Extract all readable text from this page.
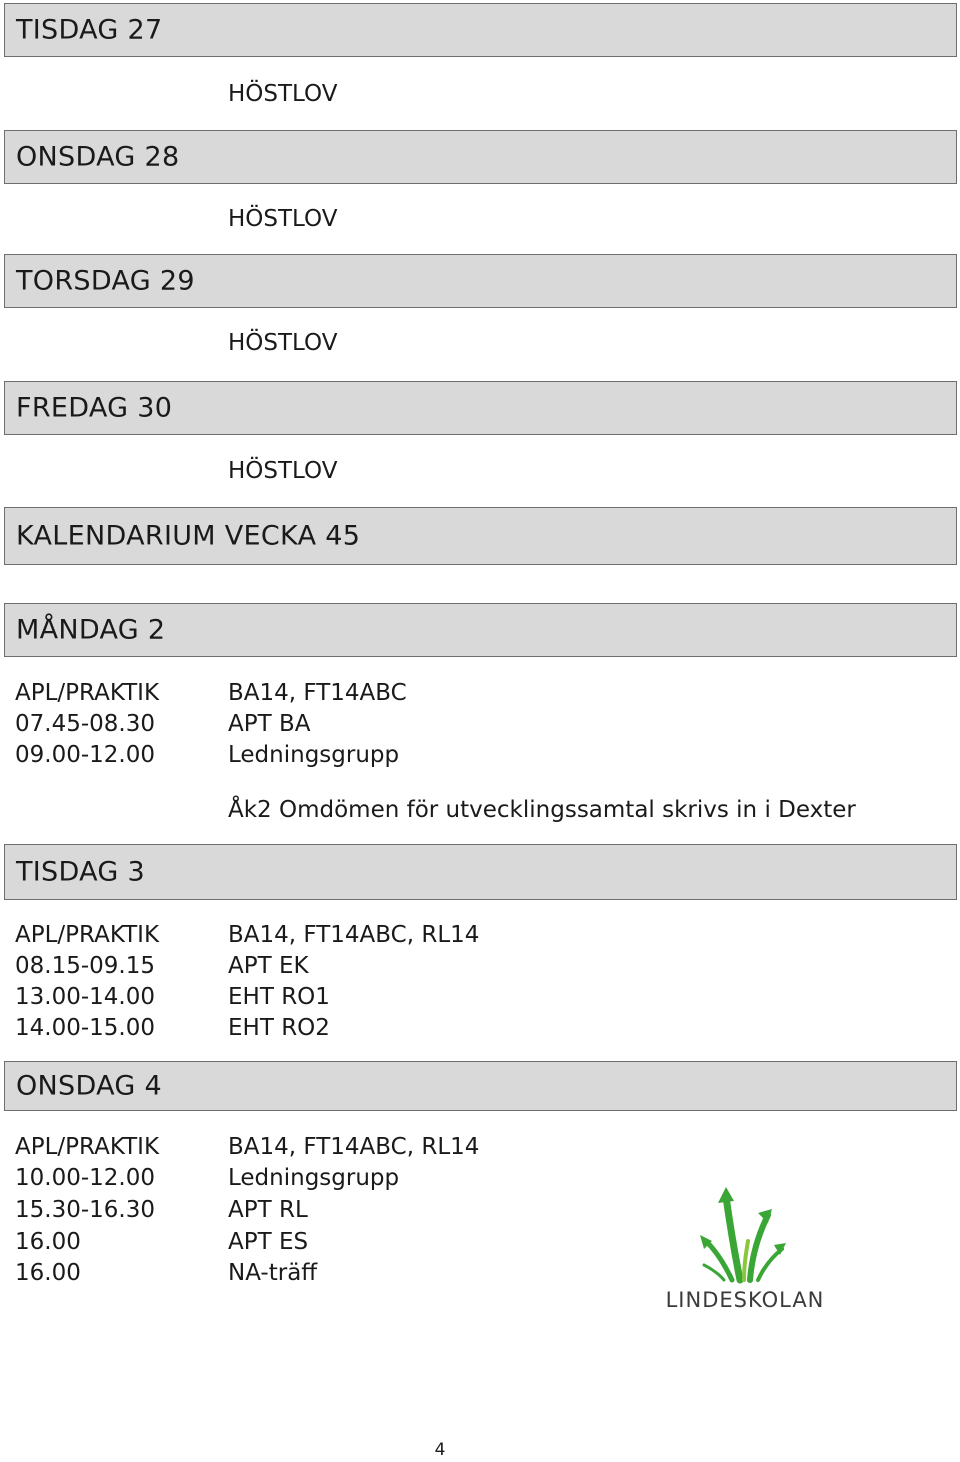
TISDAG 27
HÖSTLOV
ONSDAG 28
HÖSTLOV
TORSDAG 29
HÖSTLOV
FREDAG 30
HÖSTLOV
KALENDARIUM VECKA 45
MÅNDAG 2
APL/PRAKTIK	BA14, FT14ABC
07.45-08.30	APT BA
09.00-12.00	Ledningsgrupp
Åk2 Omdömen för utvecklingssamtal skrivs in i Dexter
TISDAG 3
APL/PRAKTIK	BA14, FT14ABC, RL14
08.15-09.15	APT EK
13.00-14.00	EHT RO1
14.00-15.00	EHT RO2
ONSDAG 4
APL/PRAKTIK	BA14, FT14ABC, RL14
10.00-12.00	Ledningsgrupp
15.30-16.30	APT RL
16.00	APT ES
16.00	NA-träff
LINDESKOLAN
4
